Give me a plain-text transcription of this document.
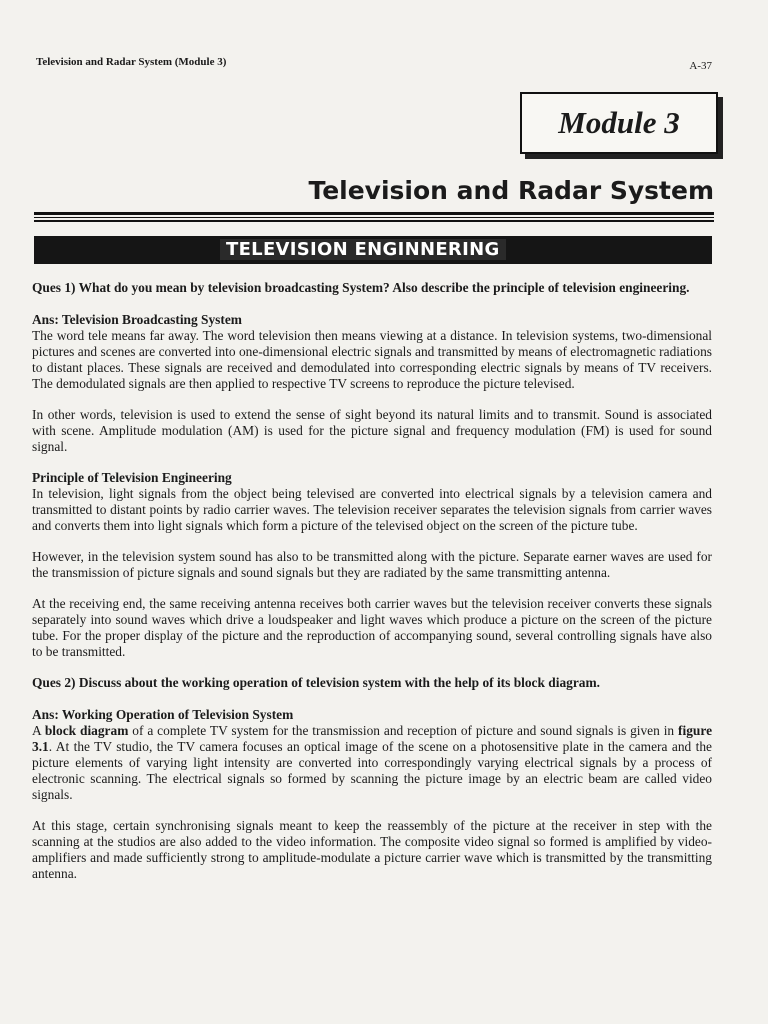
Television and Radar System (Module 3)	A-37
Module 3
Television and Radar System
TELEVISION ENGINNERING

Ques 1) What do you mean by television broadcasting System? Also describe the principle of television engineering.

Ans: Television Broadcasting System

The word tele means far away. The word television then means viewing at a distance. In television systems, two-dimensional pictures and scenes are converted into one-dimensional electric signals and transmitted by means of electromagnetic radiations to distant places. These signals are received and demodulated into corresponding electric signals by means of TV receivers. The demodulated signals are then applied to respective TV screens to reproduce the picture televised.

In other words, television is used to extend the sense of sight beyond its natural limits and to transmit. Sound is associated with scene. Amplitude modulation (AM) is used for the picture signal and frequency modulation (FM) is used for sound signal.

Principle of Television Engineering

In television, light signals from the object being televised are converted into electrical signals by a television camera and transmitted to distant points by radio carrier waves. The television receiver separates the television signals from carrier waves and converts them into light signals which form a picture of the televised object on the screen of the picture tube.

However, in the television system sound has also to be transmitted along with the picture. Separate earner waves are used for the transmission of picture signals and sound signals but they are radiated by the same transmitting antenna.

At the receiving end, the same receiving antenna receives both carrier waves but the television receiver converts these signals separately into sound waves which drive a loudspeaker and light waves which produce a picture on the screen of the picture tube. For the proper display of the picture and the reproduction of accompanying sound, several controlling signals have also to be transmitted.

Ques 2) Discuss about the working operation of television system with the help of its block diagram.

Ans: Working Operation of Television System

A block diagram of a complete TV system for the transmission and reception of picture and sound signals is given in figure 3.1. At the TV studio, the TV camera focuses an optical image of the scene on a photosensitive plate in the camera and the picture elements of varying light intensity are converted into correspondingly varying electrical signals by a process of electronic scanning. The electrical signals so formed by scanning the picture image by an electric beam are called video signals.

At this stage, certain synchronising signals meant to keep the reassembly of the picture at the receiver in step with the scanning at the studios are also added to the video information. The composite video signal so formed is amplified by video-amplifiers and made sufficiently strong to amplitude-modulate a picture carrier wave which is transmitted by the transmitting antenna.
